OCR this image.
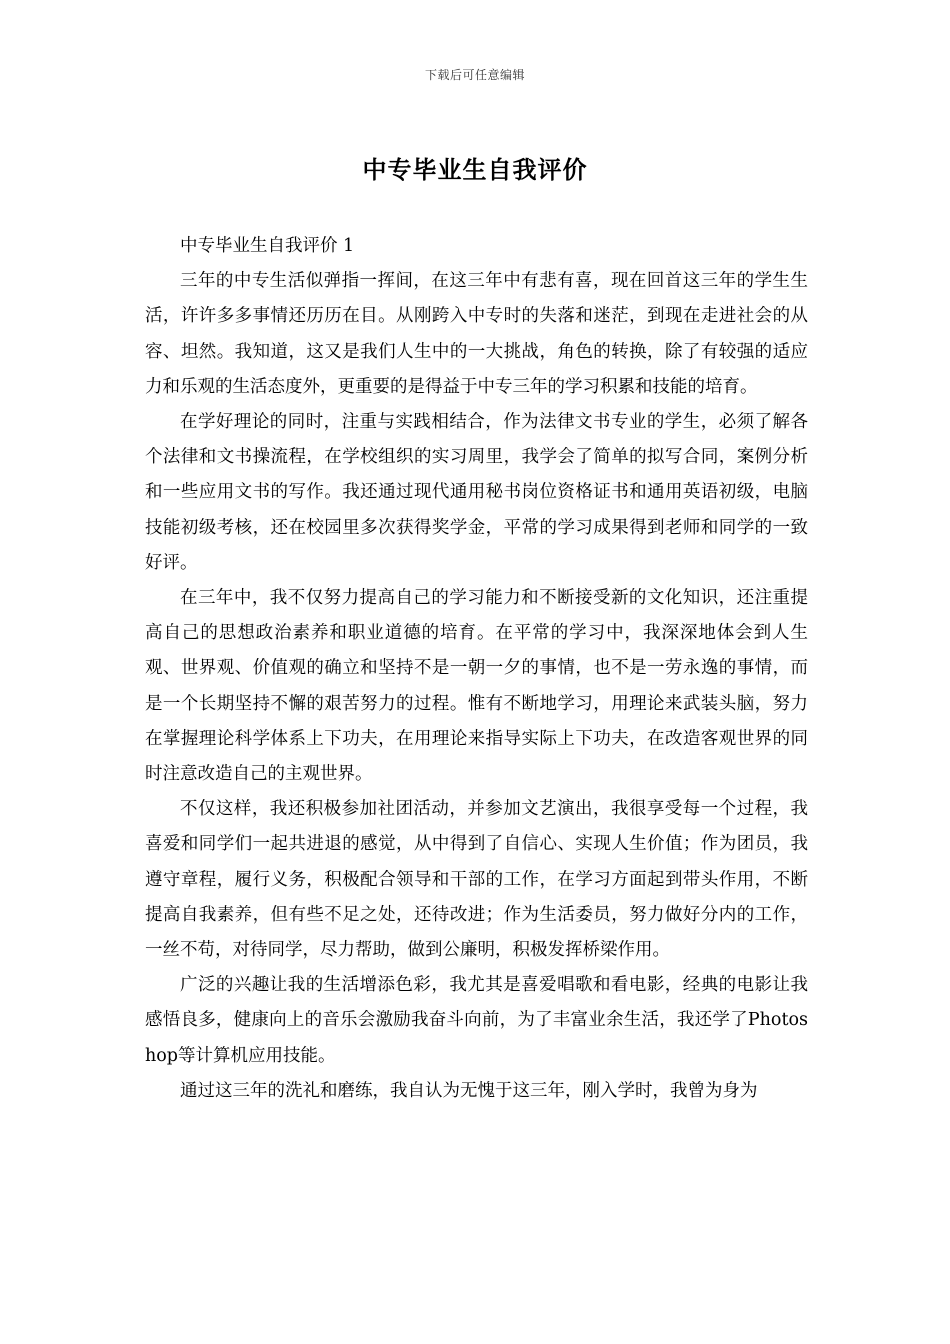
下载后可任意编辑
中专毕业生自我评价

中专毕业生自我评价 1

三年的中专生活似弹指一挥间，在这三年中有悲有喜，现在回首这三年的学生生活，许许多多事情还历历在目。从刚跨入中专时的失落和迷茫，到现在走进社会的从容、坦然。我知道，这又是我们人生中的一大挑战，角色的转换，除了有较强的适应力和乐观的生活态度外，更重要的是得益于中专三年的学习积累和技能的培育。

在学好理论的同时，注重与实践相结合，作为法律文书专业的学生，必须了解各个法律和文书操流程，在学校组织的实习周里，我学会了简单的拟写合同，案例分析和一些应用文书的写作。我还通过现代通用秘书岗位资格证书和通用英语初级，电脑技能初级考核，还在校园里多次获得奖学金，平常的学习成果得到老师和同学的一致好评。

在三年中，我不仅努力提高自己的学习能力和不断接受新的文化知识，还注重提高自己的思想政治素养和职业道德的培育。在平常的学习中，我深深地体会到人生观、世界观、价值观的确立和坚持不是一朝一夕的事情，也不是一劳永逸的事情，而是一个长期坚持不懈的艰苦努力的过程。惟有不断地学习，用理论来武装头脑，努力在掌握理论科学体系上下功夫，在用理论来指导实际上下功夫，在改造客观世界的同时注意改造自己的主观世界。

不仅这样，我还积极参加社团活动，并参加文艺演出，我很享受每一个过程，我喜爱和同学们一起共进退的感觉，从中得到了自信心、实现人生价值；作为团员，我遵守章程，履行义务，积极配合领导和干部的工作，在学习方面起到带头作用，不断提高自我素养，但有些不足之处，还待改进；作为生活委员，努力做好分内的工作，一丝不苟，对待同学，尽力帮助，做到公廉明，积极发挥桥梁作用。

广泛的兴趣让我的生活增添色彩，我尤其是喜爱唱歌和看电影，经典的电影让我感悟良多，健康向上的音乐会激励我奋斗向前，为了丰富业余生活，我还学了Photoshop等计算机应用技能。

通过这三年的洗礼和磨练，我自认为无愧于这三年，刚入学时，我曾为身为
